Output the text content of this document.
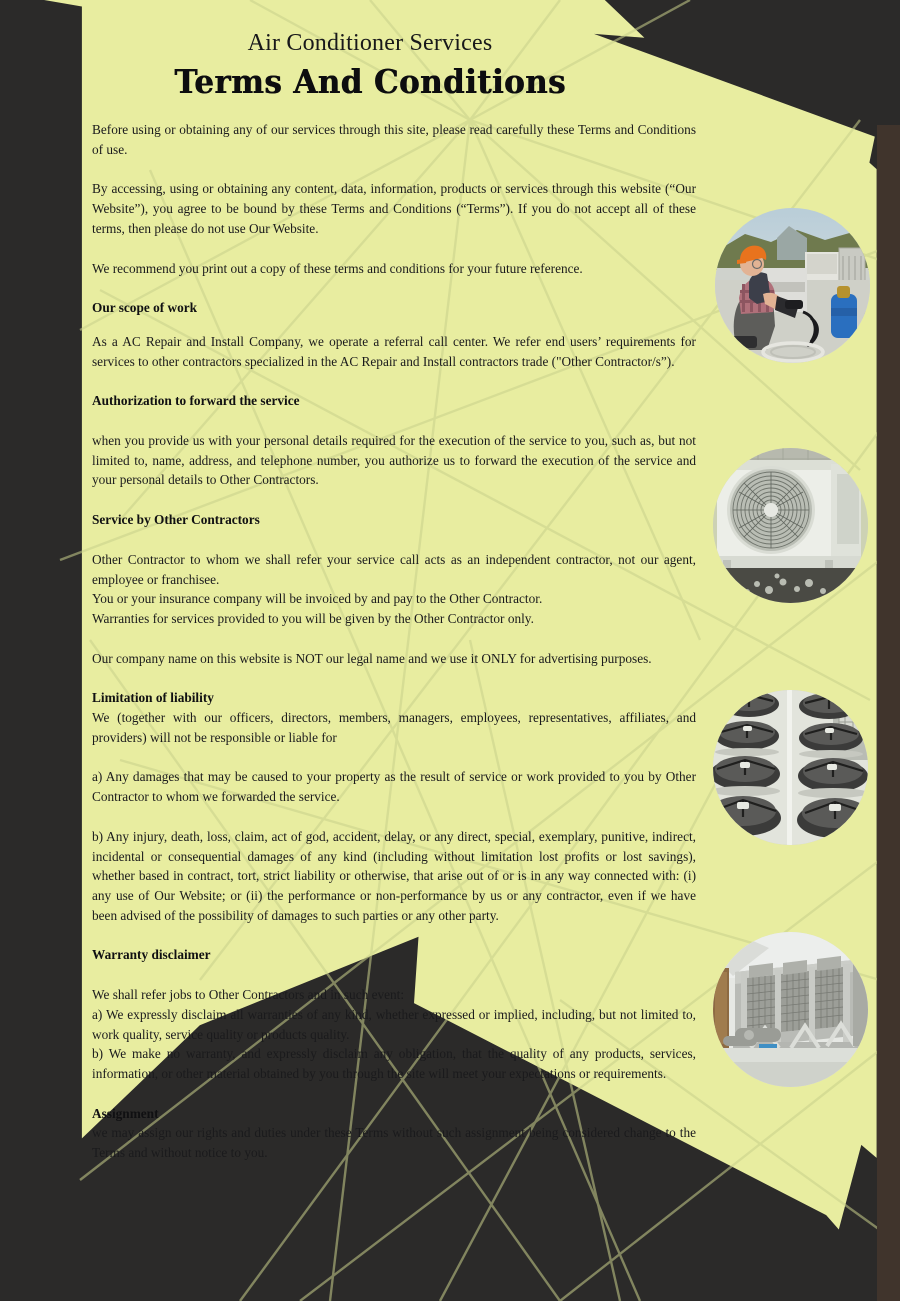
Air Conditioner Services
Terms And Conditions

Before using or obtaining any of our services through this site, please read carefully these Terms and Conditions of use.

By accessing, using or obtaining any content, data, information, products or services through this website (“Our Website”), you agree to be bound by these Terms and Conditions (“Terms”). If you do not accept all of these terms, then please do not use Our Website.

We recommend you print out a copy of these terms and conditions for your future reference.

Our scope of work

As a AC Repair and Install Company, we operate a referral call center. We refer end users’ requirements for services to other contractors specialized in the AC Repair and Install contractors trade ("Other Contractor/s”).

Authorization to forward the service

when you provide us with your personal details required for the execution of the service to you, such as, but not limited to, name, address, and telephone number, you authorize us to forward the execution of the service and your personal details to Other Contractors.

Service by Other Contractors

Other Contractor to whom we shall refer your service call acts as an independent contractor, not our agent, employee or franchisee.

You or your insurance company will be invoiced by and pay to the Other Contractor.

Warranties for services provided to you will be given by the Other Contractor only.

Our company name on this website is NOT our legal name and we use it ONLY for advertising purposes.

Limitation of liability

We (together with our officers, directors, members, managers, employees, representatives, affiliates, and providers) will not be responsible or liable for

a) Any damages that may be caused to your property as the result of service or work provided to you by Other Contractor to whom we forwarded the service.

b) Any injury, death, loss, claim, act of god, accident, delay, or any direct, special, exemplary, punitive, indirect, incidental or consequential damages of any kind (including without limitation lost profits or lost savings), whether based in contract, tort, strict liability or otherwise, that arise out of or is in any way connected with: (i) any use of Our Website; or (ii) the performance or non-performance by us or any contractor, even if we have been advised of the possibility of damages to such parties or any other party.

Warranty disclaimer

We shall refer jobs to Other Contractors and in such event:

a) We expressly disclaim all warranties of any kind, whether expressed or implied, including, but not limited to, work quality, service quality or products quality.

b) We make no warranty, and expressly disclaim any obligation, that the quality of any products, services, information, or other material obtained by you through the site will meet your expectations or requirements.

Assignment

we may assign our rights and duties under these Terms without such assignment being considered change to the Terms and without notice to you.
